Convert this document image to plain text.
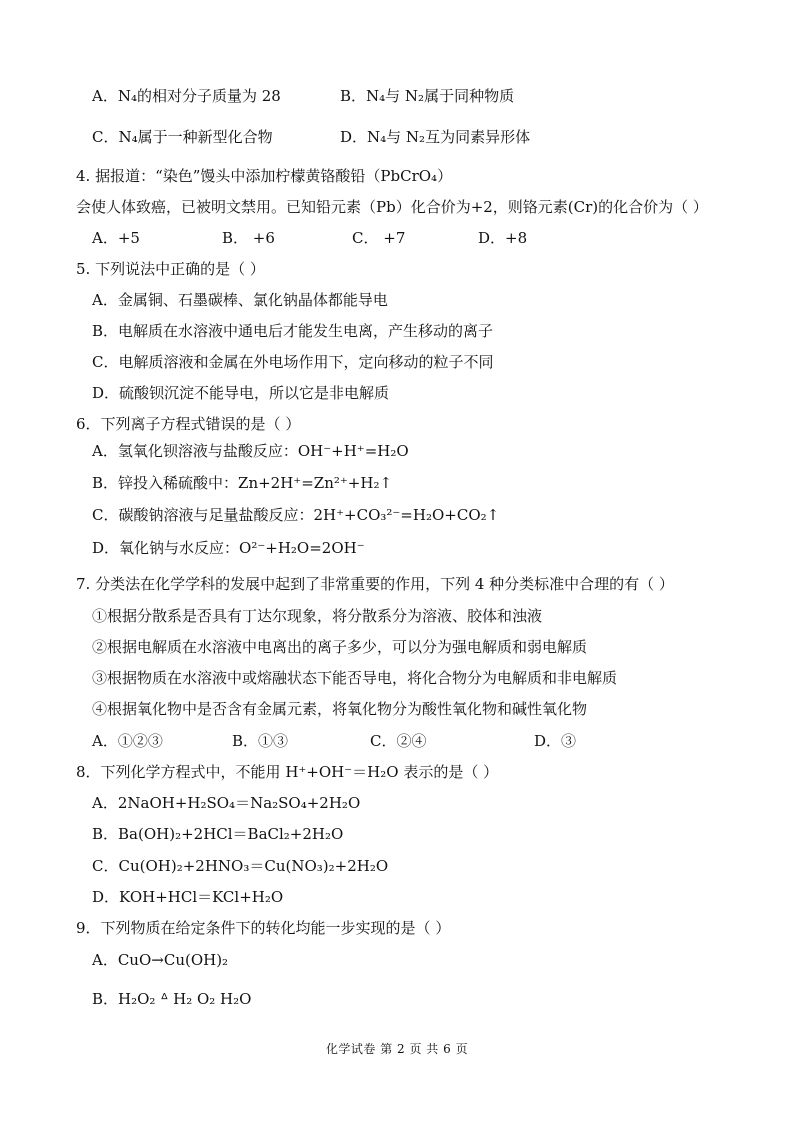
A．N₄的相对分子质量为 28	B．N₄与 N₂属于同种物质
C．N₄属于一种新型化合物	D．N₄与 N₂互为同素异形体
4. 据报道：“染色”馒头中添加柠檬黄铬酸铅（PbCrO₄）
会使人体致癌，已被明文禁用。已知铅元素（Pb）化合价为+2，则铬元素(Cr)的化合价为（ ）
A．+5	B． +6	C． +7	D．+8
5. 下列说法中正确的是（ ）
A．金属铜、石墨碳棒、氯化钠晶体都能导电
B．电解质在水溶液中通电后才能发生电离，产生移动的离子
C．电解质溶液和金属在外电场作用下，定向移动的粒子不同
D．硫酸钡沉淀不能导电，所以它是非电解质
6．下列离子方程式错误的是（ ）
A．氢氧化钡溶液与盐酸反应：OH⁻+H⁺=H₂O
B．锌投入稀硫酸中：Zn+2H⁺=Zn²⁺+H₂↑
C．碳酸钠溶液与足量盐酸反应：2H⁺+CO₃²⁻=H₂O+CO₂↑
D．氧化钠与水反应：O²⁻+H₂O=2OH⁻
7. 分类法在化学学科的发展中起到了非常重要的作用，下列 4 种分类标准中合理的有（ ）
①根据分散系是否具有丁达尔现象，将分散系分为溶液、胶体和浊液
②根据电解质在水溶液中电离出的离子多少，可以分为强电解质和弱电解质
③根据物质在水溶液中或熔融状态下能否导电，将化合物分为电解质和非电解质
④根据氧化物中是否含有金属元素，将氧化物分为酸性氧化物和碱性氧化物
A．①②③	B．①③	C．②④	D．③
8．下列化学方程式中，不能用 H⁺+OH⁻＝H₂O 表示的是（ ）
A．2NaOH+H₂SO₄＝Na₂SO₄+2H₂O
B．Ba(OH)₂+2HCl＝BaCl₂+2H₂O
C．Cu(OH)₂+2HNO₃＝Cu(NO₃)₂+2H₂O
D．KOH+HCl＝KCl+H₂O
9．下列物质在给定条件下的转化均能一步实现的是（ ）
A．CuO→Cu(OH)₂
B．H₂O₂ ᐞ H₂ O₂ H₂O
化学试卷 第 2 页 共 6 页
